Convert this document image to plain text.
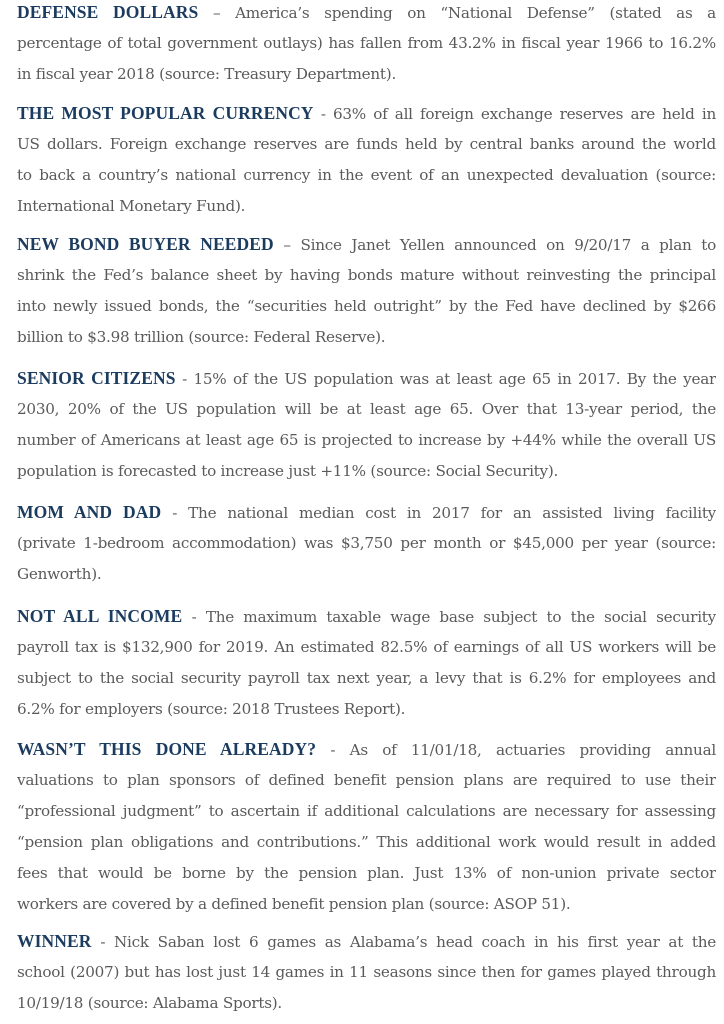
DEFENSE DOLLARS – America’s spending on “National Defense” (stated as a
percentage of total government outlays) has fallen from 43.2% in fiscal year 1966 to 16.2%
in fiscal year 2018 (source: Treasury Department).
THE MOST POPULAR CURRENCY - 63% of all foreign exchange reserves are held in
US dollars. Foreign exchange reserves are funds held by central banks around the world
to back a country’s national currency in the event of an unexpected devaluation (source:
International Monetary Fund).
NEW BOND BUYER NEEDED – Since Janet Yellen announced on 9/20/17 a plan to
shrink the Fed’s balance sheet by having bonds mature without reinvesting the principal
into newly issued bonds, the “securities held outright” by the Fed have declined by $266
billion to $3.98 trillion (source: Federal Reserve).
SENIOR CITIZENS - 15% of the US population was at least age 65 in 2017. By the year
2030, 20% of the US population will be at least age 65. Over that 13-year period, the
number of Americans at least age 65 is projected to increase by +44% while the overall US
population is forecasted to increase just +11% (source: Social Security).
MOM AND DAD - The national median cost in 2017 for an assisted living facility
(private 1-bedroom accommodation) was $3,750 per month or $45,000 per year (source:
Genworth).
NOT ALL INCOME - The maximum taxable wage base subject to the social security
payroll tax is $132,900 for 2019. An estimated 82.5% of earnings of all US workers will be
subject to the social security payroll tax next year, a levy that is 6.2% for employees and
6.2% for employers (source: 2018 Trustees Report).
WASN’T THIS DONE ALREADY? - As of 11/01/18, actuaries providing annual
valuations to plan sponsors of defined benefit pension plans are required to use their
“professional judgment” to ascertain if additional calculations are necessary for assessing
“pension plan obligations and contributions.” This additional work would result in added
fees that would be borne by the pension plan. Just 13% of non-union private sector
workers are covered by a defined benefit pension plan (source: ASOP 51).
WINNER - Nick Saban lost 6 games as Alabama’s head coach in his first year at the
school (2007) but has lost just 14 games in 11 seasons since then for games played through
10/19/18 (source: Alabama Sports).
